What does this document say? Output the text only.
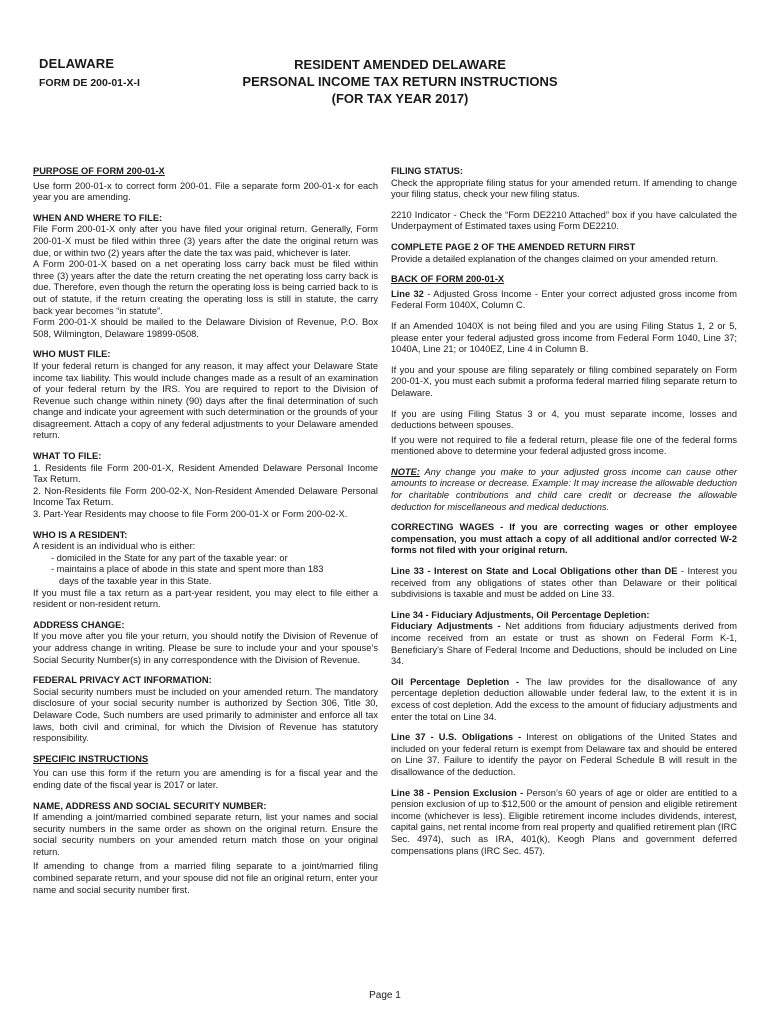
DELAWARE
FORM DE 200-01-X-I
RESIDENT AMENDED DELAWARE
PERSONAL INCOME TAX RETURN INSTRUCTIONS
(FOR TAX YEAR 2017)

PURPOSE OF FORM 200-01-X

Use form 200-01-x to correct form 200-01. File a separate form 200-01-x for each year you are amending.

WHEN AND WHERE TO FILE:

File Form 200-01-X only after you have filed your original return. Generally, Form 200-01-X must be filed within three (3) years after the date the original return was due, or within two (2) years after the date the tax was paid, whichever is later.

A Form 200-01-X based on a net operating loss carry back must be filed within three (3) years after the date the return creating the net operating loss carry back is due. Therefore, even though the return the operating loss is being carried back to is out of statute, if the return creating the operating loss is still in statute, the carry back year becomes “in statute”.

Form 200-01-X should be mailed to the Delaware Division of Revenue, P.O. Box 508, Wilmington, Delaware 19899-0508.

WHO MUST FILE:

If your federal return is changed for any reason, it may affect your Delaware State income tax liability. This would include changes made as a result of an examination of your federal return by the IRS. You are required to report to the Division of Revenue such change within ninety (90) days after the final determination of such change and indicate your agreement with such determination or the grounds of your disagreement. Attach a copy of any federal adjustments to your Delaware amended return.

WHAT TO FILE:

1. Residents file Form 200-01-X, Resident Amended Delaware Personal Income Tax Return.

2. Non-Residents file Form 200-02-X, Non-Resident Amended Delaware Personal Income Tax Return.

3. Part-Year Residents may choose to file Form 200-01-X or Form 200-02-X.

WHO IS A RESIDENT:

A resident is an individual who is either:

- domiciled in the State for any part of the taxable year: or

- maintains a place of abode in this state and spent more than 183

days of the taxable year in this State.

If you must file a tax return as a part-year resident, you may elect to file either a resident or non-resident return.

ADDRESS CHANGE:

If you move after you file your return, you should notify the Division of Revenue of your address change in writing. Please be sure to include your and your spouse’s Social Security Number(s) in any correspondence with the Division of Revenue.

FEDERAL PRIVACY ACT INFORMATION:

Social security numbers must be included on your amended return. The mandatory disclosure of your social security number is authorized by Section 306, Title 30, Delaware Code, Such numbers are used primarily to administer and enforce all tax laws, both civil and criminal, for which the Division of Revenue has statutory responsibility.

SPECIFIC INSTRUCTIONS

You can use this form if the return you are amending is for a fiscal year and the ending date of the fiscal year is 2017 or later.

NAME, ADDRESS AND SOCIAL SECURITY NUMBER:

If amending a joint/married combined separate return, list your names and social security numbers in the same order as shown on the original return. Ensure the social security numbers on your amended return match those on your original return.

If amending to change from a married filing separate to a joint/married filing combined separate return, and your spouse did not file an original return, enter your name and social security number first.

FILING STATUS:

Check the appropriate filing status for your amended return. If amending to change your filing status, check your new filing status.

2210 Indicator - Check the “Form DE2210 Attached” box if you have calculated the Underpayment of Estimated taxes using Form DE2210.

COMPLETE PAGE 2 OF THE AMENDED RETURN FIRST

Provide a detailed explanation of the changes claimed on your amended return.

BACK OF FORM 200-01-X

Line 32 - Adjusted Gross Income - Enter your correct adjusted gross income from Federal Form 1040X, Column C.

If an Amended 1040X is not being filed and you are using Filing Status 1, 2 or 5, please enter your federal adjusted gross income from Federal Form 1040, Line 37; 1040A, Line 21; or 1040EZ, Line 4 in Column B.

If you and your spouse are filing separately or filing combined separately on Form 200-01-X, you must each submit a proforma federal married filing separate return to Delaware.

If you are using Filing Status 3 or 4, you must separate income, losses and deductions between spouses.

If you were not required to file a federal return, please file one of the federal forms mentioned above to determine your federal adjusted gross income.

NOTE: Any change you make to your adjusted gross income can cause other amounts to increase or decrease. Example: It may increase the allowable deduction for charitable contributions and child care credit or decrease the allowable deduction for miscellaneous and medical deductions.

CORRECTING WAGES - If you are correcting wages or other employee compensation, you must attach a copy of all additional and/or corrected W-2 forms not filed with your original return.

Line 33 - Interest on State and Local Obligations other than DE - Interest you received from any obligations of states other than Delaware or their political subdivisions is taxable and must be added on Line 33.

Line 34 - Fiduciary Adjustments, Oil Percentage Depletion:

Fiduciary Adjustments - Net additions from fiduciary adjustments derived from income received from an estate or trust as shown on Federal Form K-1, Beneficiary’s Share of Federal Income and Deductions, should be included on Line 34.

Oil Percentage Depletion - The law provides for the disallowance of any percentage depletion deduction allowable under federal law, to the extent it is in excess of cost depletion. Add the excess to the amount of fiduciary adjustments and enter the total on Line 34.

Line 37 - U.S. Obligations - Interest on obligations of the United States and included on your federal return is exempt from Delaware tax and should be entered on Line 37. Failure to identify the payor on Federal Schedule B will result in the disallowance of the deduction.

Line 38 - Pension Exclusion - Person’s 60 years of age or older are entitled to a pension exclusion of up to $12,500 or the amount of pension and eligible retirement income (whichever is less). Eligible retirement income includes dividends, interest, capital gains, net rental income from real property and qualified retirement plan (IRC Sec. 4974), such as IRA, 401(k), Keogh Plans and government deferred compensations plans (IRC Sec. 457).

Page 1
